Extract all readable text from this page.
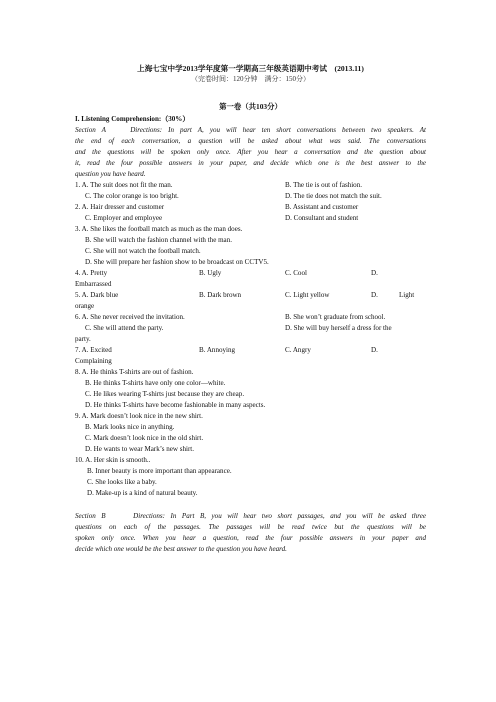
上海七宝中学2013学年度第一学期高三年级英语期中考试　(2013.11)
（完卷时间：120分钟　满分：150分）
第一卷（共103分）
I. Listening Comprehension:（30%）
Section A	Directions: In part A, you will hear ten short conversations between two speakers. At
the end of each conversation, a question will be asked about what was said. The conversations
and the questions will be spoken only once. After you hear a conversation and the question about
it, read the four possible answers in your paper, and decide which one is the best answer to the
question you have heard.
1. A. The suit does not fit the man.	B. The tie is out of fashion.
C. The color orange is too bright.	D. The tie does not match the suit.
2. A. Hair dresser and customer	B. Assistant and customer
C. Employer and employee	D. Consultant and student
3. A. She likes the football match as much as the man does.
B. She will watch the fashion channel with the man.
C. She will not watch the football match.
D. She will prepare her fashion show to be broadcast on CCTV5.
4. A. Pretty	B. Ugly	C. Cool	D.
Embarrassed
5. A. Dark blue	B. Dark brown	C. Light yellow	D.	Light
orange
6. A. She never received the invitation.	B. She won’t graduate from school.
C. She will attend the party.	D. She will buy herself a dress for the
party.
7. A. Excited	B. Annoying	C. Angry	D.
Complaining
8. A. He thinks T-shirts are out of fashion.
B. He thinks T-shirts have only one color—white.
C. He likes wearing T-shirts just because they are cheap.
D. He thinks T-shirts have become fashionable in many aspects.
9. A. Mark doesn’t look nice in the new shirt.
B. Mark looks nice in anything.
C. Mark doesn’t look nice in the old shirt.
D. He wants to wear Mark’s new shirt.
10. A. Her skin is smooth..
B. Inner beauty is more important than appearance.
C. She looks like a baby.
D. Make-up is a kind of natural beauty.
Section B	Directions: In Part B, you will hear two short passages, and you will be asked three
questions on each of the passages. The passages will be read twice but the questions will be
spoken only once. When you hear a question, read the four possible answers in your paper and
decide which one would be the best answer to the question you have heard.
